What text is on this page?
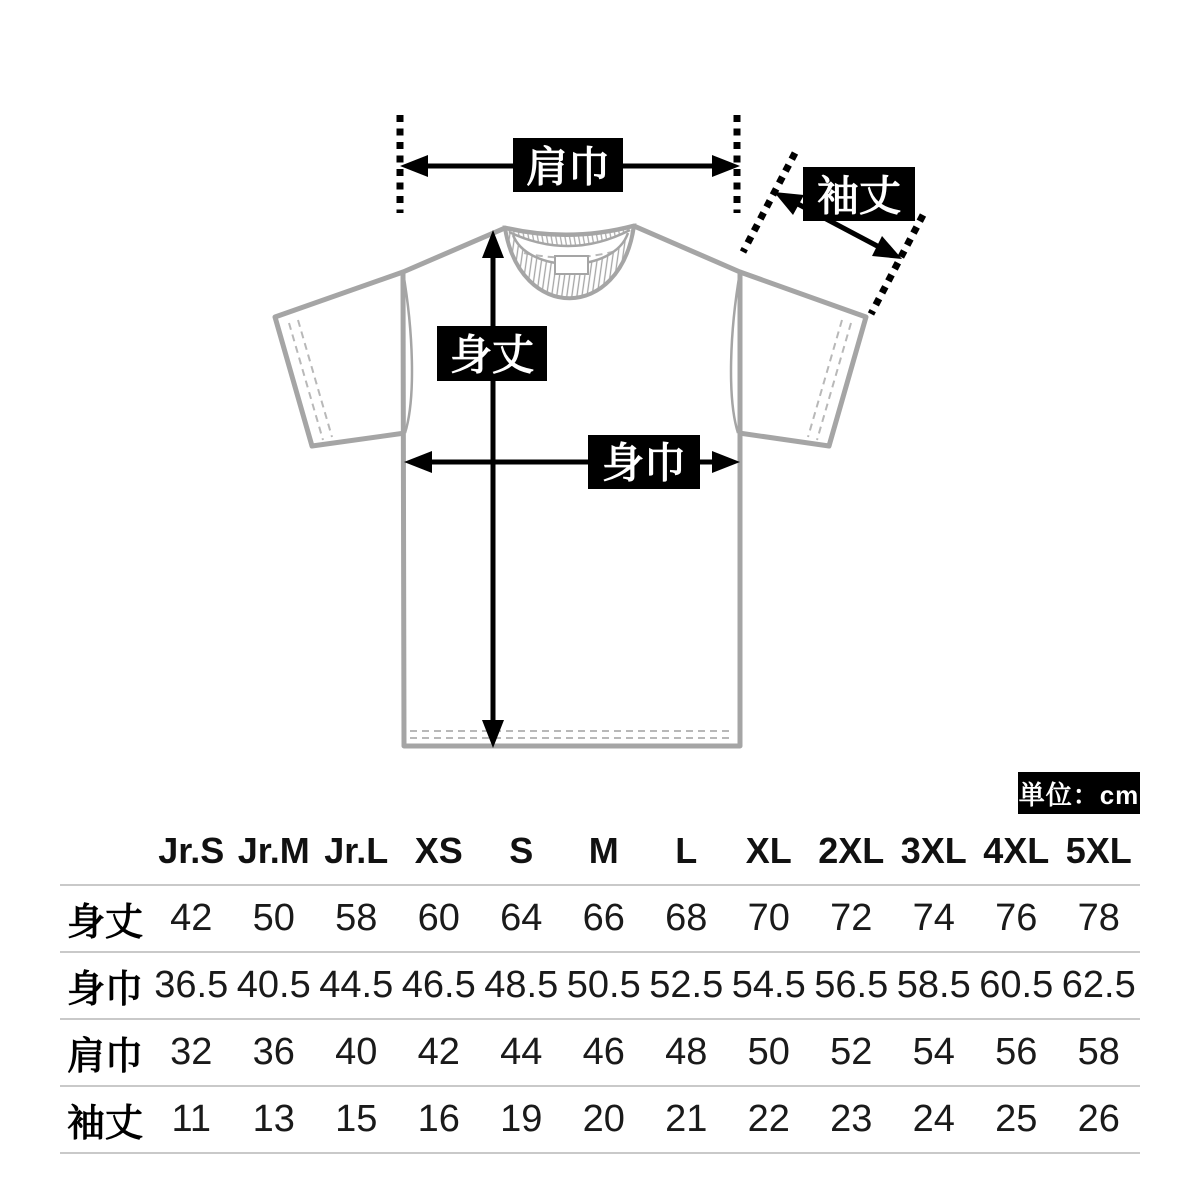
肩巾
袖丈
身丈
身巾
単位：cm
Jr.S Jr.M Jr.L XS	S	M	L	XL 2XL 3XL 4XL 5XL
身丈 42	50	58	60	64	66	68	70	72	74	76	78
身巾 36.5 40.5 44.5 46.5 48.5 50.5 52.5 54.5 56.5 58.5 60.5 62.5
肩巾 32	36	40	42	44	46	48	50	52	54	56	58
袖丈 11	13	15	16	19	20	21	22	23	24	25	26
